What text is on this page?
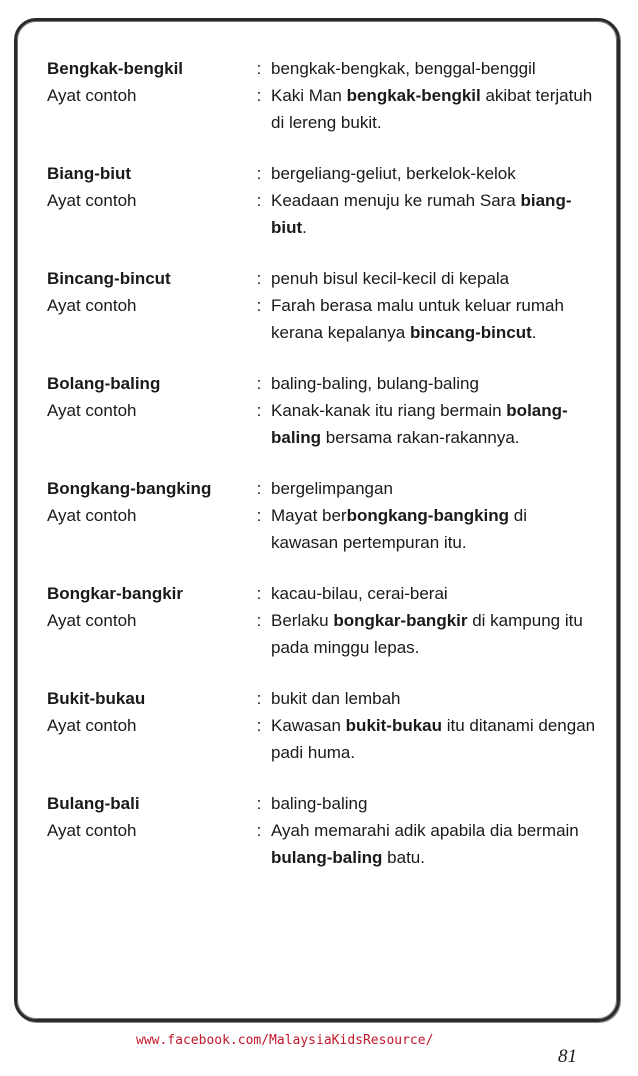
Bengkak-bengkil	: bengkak-bengkak, benggal-benggil
Ayat contoh	: Kaki Man bengkak-bengkil akibat terjatuh di lereng bukit.
Biang-biut	: bergeliang-geliut, berkelok-kelok
Ayat contoh	: Keadaan menuju ke rumah Sara biang-biut.
Bincang-bincut	: penuh bisul kecil-kecil di kepala
Ayat contoh	: Farah berasa malu untuk keluar rumah kerana kepalanya bincang-bincut.
Bolang-baling	: baling-baling, bulang-baling
Ayat contoh	: Kanak-kanak itu riang bermain bolang-baling bersama rakan-rakannya.
Bongkang-bangking	: bergelimpangan
Ayat contoh	: Mayat berbongkang-bangking di kawasan pertempuran itu.
Bongkar-bangkir	: kacau-bilau, cerai-berai
Ayat contoh	: Berlaku bongkar-bangkir di kampung itu pada minggu lepas.
Bukit-bukau	: bukit dan lembah
Ayat contoh	: Kawasan bukit-bukau itu ditanami dengan padi huma.
Bulang-bali	: baling-baling
Ayat contoh	: Ayah memarahi adik apabila dia bermain bulang-baling batu.
www.facebook.com/MalaysiaKidsResource/
81
